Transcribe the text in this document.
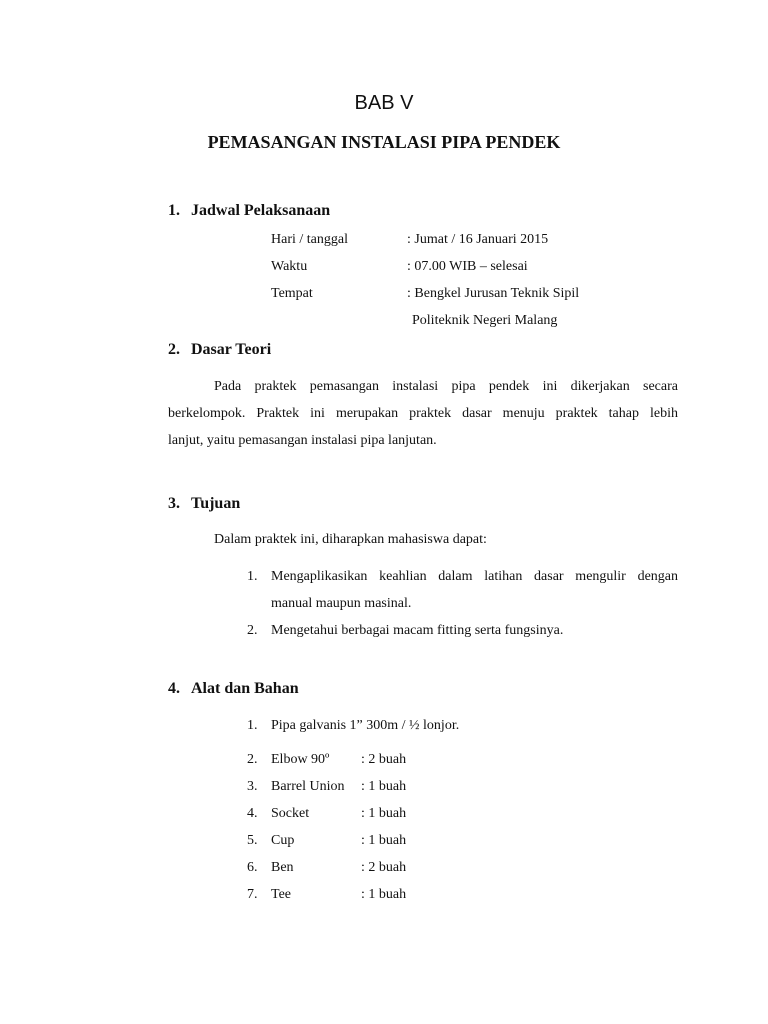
BAB V
PEMASANGAN INSTALASI PIPA PENDEK
1. Jadwal Pelaksanaan
Hari / tanggal	: Jumat / 16 Januari 2015
Waktu	: 07.00 WIB – selesai
Tempat	: Bengkel Jurusan Teknik Sipil
Politeknik Negeri Malang
2. Dasar Teori
Pada praktek pemasangan instalasi pipa pendek ini dikerjakan secara
berkelompok. Praktek ini merupakan praktek dasar menuju praktek tahap lebih
lanjut, yaitu pemasangan instalasi pipa lanjutan.
3. Tujuan
Dalam praktek ini, diharapkan mahasiswa dapat:
1. Mengaplikasikan keahlian dalam latihan dasar mengulir dengan
manual maupun masinal.
2. Mengetahui berbagai macam fitting serta fungsinya.
4. Alat dan Bahan
1. Pipa galvanis 1” 300m / ½ lonjor.
2. Elbow 90º : 2 buah
3. Barrel Union : 1 buah
4. Socket	: 1 buah
5. Cup	: 1 buah
6. Ben	: 2 buah
7. Tee	: 1 buah
